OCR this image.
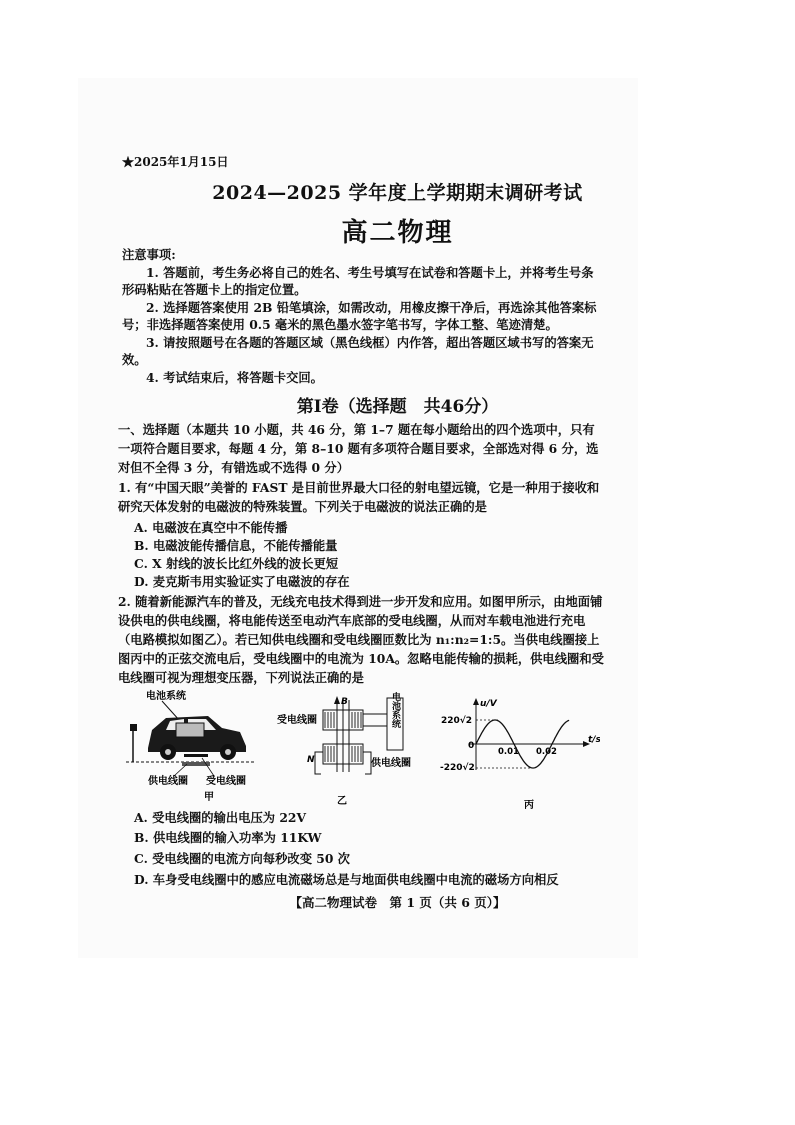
★2025年1月15日
2024—2025 学年度上学期期末调研考试
高二物理
注意事项:

1. 答题前，考生务必将自己的姓名、考生号填写在试卷和答题卡上，并将考生号条形码粘贴在答题卡上的指定位置。

2. 选择题答案使用 2B 铅笔填涂，如需改动，用橡皮擦干净后，再选涂其他答案标号；非选择题答案使用 0.5 毫米的黑色墨水签字笔书写，字体工整、笔迹清楚。

3. 请按照题号在各题的答题区域（黑色线框）内作答，超出答题区域书写的答案无效。

4. 考试结束后，将答题卡交回。

第Ⅰ卷（选择题　共46分）
一、选择题（本题共 10 小题，共 46 分，第 1–7 题在每小题给出的四个选项中，只有一项符合题目要求，每题 4 分，第 8–10 题有多项符合题目要求，全部选对得 6 分，选对但不全得 3 分，有错选或不选得 0 分）
1. 有“中国天眼”美誉的 FAST 是目前世界最大口径的射电望远镜，它是一种用于接收和研究天体发射的电磁波的特殊装置。下列关于电磁波的说法正确的是
A. 电磁波在真空中不能传播
B. 电磁波能传播信息，不能传播能量
C. X 射线的波长比红外线的波长更短
D. 麦克斯韦用实验证实了电磁波的存在
2. 随着新能源汽车的普及，无线充电技术得到进一步开发和应用。如图甲所示，由地面铺设供电的供电线圈，将电能传送至电动汽车底部的受电线圈，从而对车载电池进行充电（电路模拟如图乙）。若已知供电线圈和受电线圈匝数比为 n₁:n₂=1:5。当供电线圈接上图丙中的正弦交流电后，受电线圈中的电流为 10A。忽略电能传输的损耗，供电线圈和受电线圈可视为理想变压器，下列说法正确的是
电池系统
供电线圈 受电线圈
甲
受电线圈
B
N
电池系统
供电线圈
乙
u/V
t/s
220√2
-220√2
0
0.01 0.02
丙
A. 受电线圈的输出电压为 22V
B. 供电线圈的输入功率为 11KW
C. 受电线圈的电流方向每秒改变 50 次
D. 车身受电线圈中的感应电流磁场总是与地面供电线圈中电流的磁场方向相反
【高二物理试卷　第 1 页（共 6 页）】
